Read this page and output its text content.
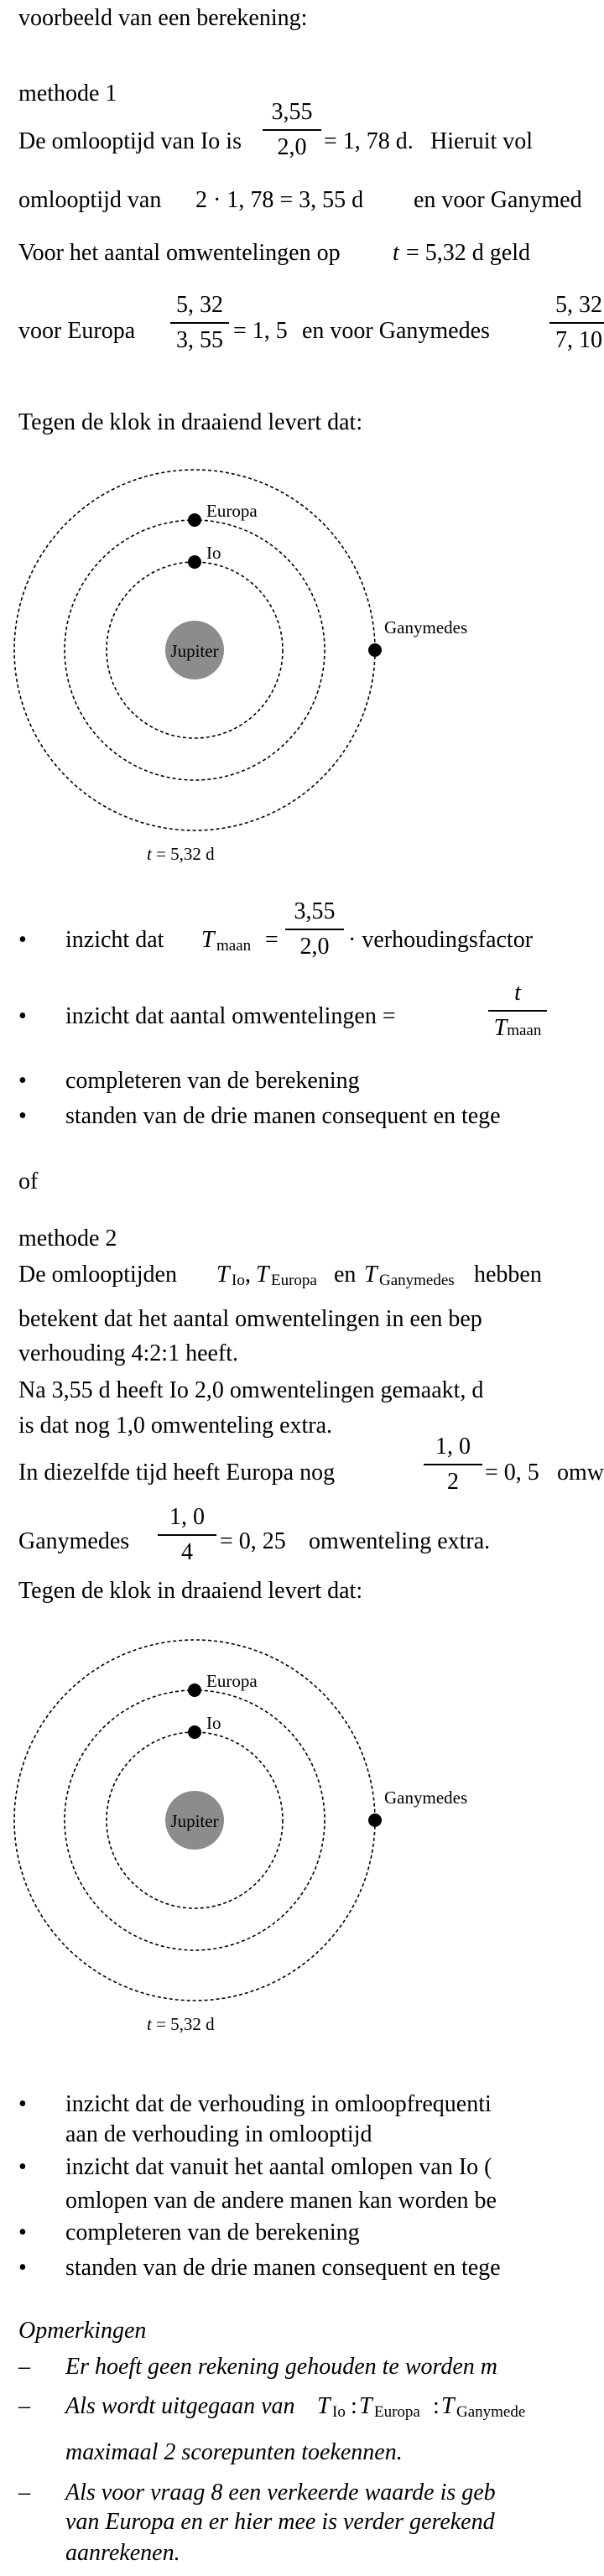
voorbeeld van een berekening:
methode 1
De omlooptijd van Io is
3,55
2,0 = 1, 78 d. Hieruit vol
omlooptijd van 2 · 1, 78 = 3, 55 d en voor Ganymed
Voor het aantal omwentelingen op t = 5,32 d geld
voor Europa
5, 32
3, 55 = 1, 5 en voor Ganymedes
5, 32
7, 10
Tegen de klok in draaiend levert dat:
Jupiter
Europa
Io
Ganymedes
t = 5,32 d
• inzicht dat T maan =
3,55
2,0 · verhoudingsfactor
• inzicht dat aantal omwentelingen =
t
Tmaan
• completeren van de berekening
• standen van de drie manen consequent en tege
of
methode 2
De omlooptijden T Io , T Europa en T Ganymedes hebben
betekent dat het aantal omwentelingen in een bep
verhouding 4:2:1 heeft.
Na 3,55 d heeft Io 2,0 omwentelingen gemaakt, d
is dat nog 1,0 omwenteling extra.
In diezelfde tijd heeft Europa nog
1, 0
2	= 0, 5 omw
Ganymedes
1, 0
4	= 0, 25 omwenteling extra.
Tegen de klok in draaiend levert dat:
Jupiter
Europa
Io
Ganymedes
t = 5,32 d
• inzicht dat de verhouding in omloopfrequenti
aan de verhouding in omlooptijd
• inzicht dat vanuit het aantal omlopen van Io (
omlopen van de andere manen kan worden be
• completeren van de berekening
• standen van de drie manen consequent en tege
Opmerkingen
– Er hoeft geen rekening gehouden te worden m
– Als wordt uitgegaan van T Io : T Europa : T Ganymede
maximaal 2 scorepunten toekennen.
– Als voor vraag 8 een verkeerde waarde is geb
van Europa en er hier mee is verder gerekend
aanrekenen.
